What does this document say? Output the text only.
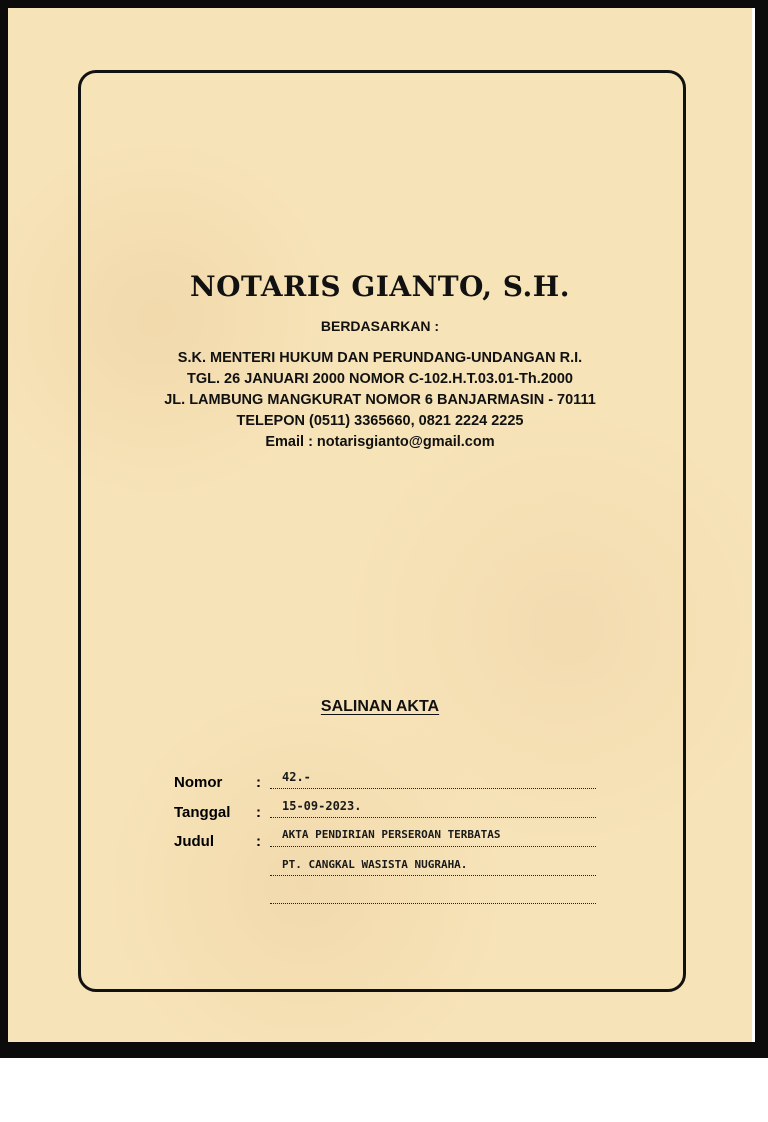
NOTARIS GIANTO, S.H.
BERDASARKAN :
S.K. MENTERI HUKUM DAN PERUNDANG-UNDANGAN R.I.
TGL. 26 JANUARI 2000 NOMOR C-102.H.T.03.01-Th.2000
JL. LAMBUNG MANGKURAT NOMOR 6 BANJARMASIN - 70111
TELEPON (0511) 3365660, 0821 2224 2225
Email : notarisgianto@gmail.com
SALINAN AKTA
Nomor : 42.-
Tanggal : 15-09-2023.
Judul	: AKTA PENDIRIAN PERSEROAN TERBATAS
PT. CANGKAL WASISTA NUGRAHA.
